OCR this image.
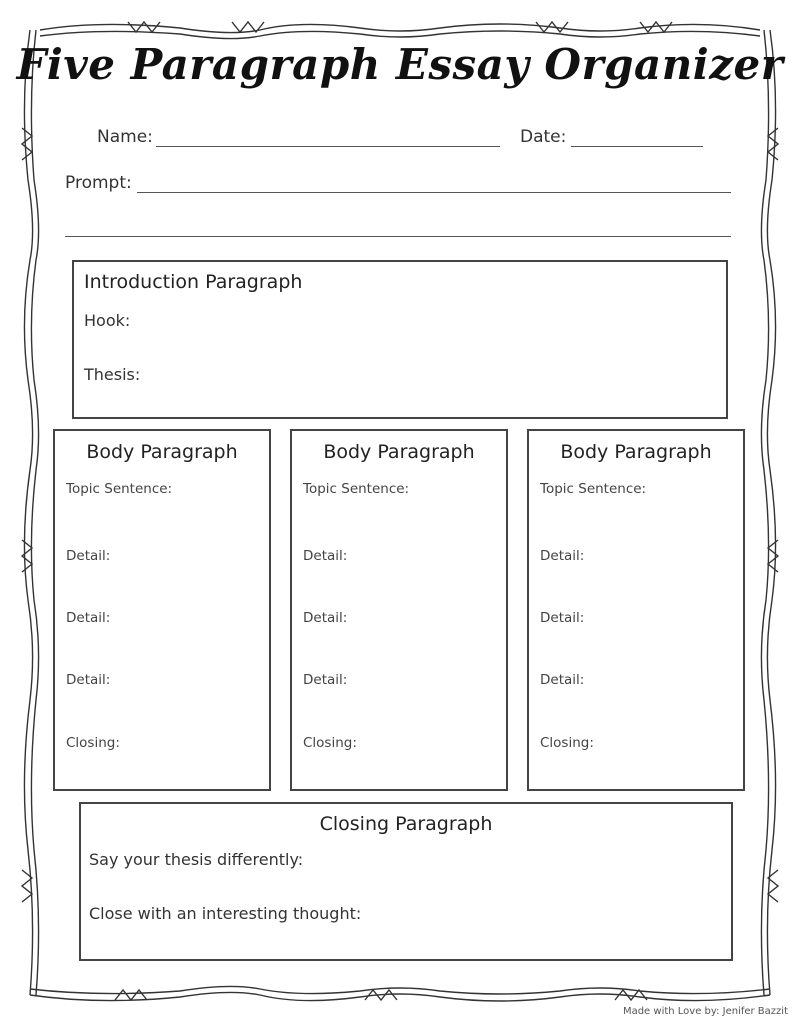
Five Paragraph Essay Organizer
Name:	Date:
Prompt:
Introduction Paragraph
Hook:
Thesis:
Body Paragraph
Topic Sentence:
Detail:
Detail:
Detail:
Closing:
Body Paragraph
Topic Sentence:
Detail:
Detail:
Detail:
Closing:
Body Paragraph
Topic Sentence:
Detail:
Detail:
Detail:
Closing:
Closing Paragraph
Say your thesis differently:
Close with an interesting thought:
Made with Love by: Jenifer Bazzit
